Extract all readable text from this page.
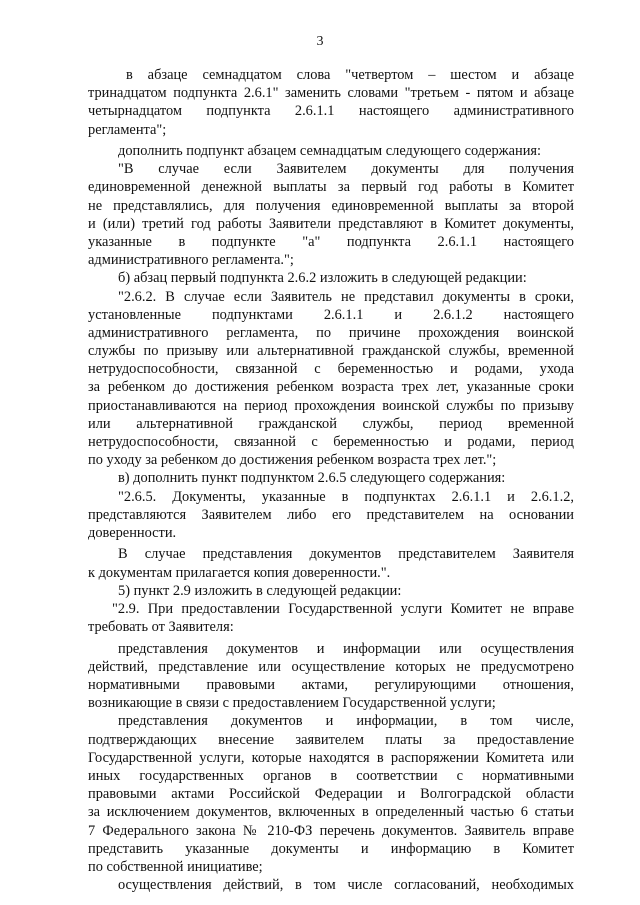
3
в абзаце семнадцатом слова "четвертом – шестом и абзаце
тринадцатом подпункта 2.6.1" заменить словами "третьем - пятом и абзаце
четырнадцатом подпункта 2.6.1.1 настоящего административного
регламента";
дополнить подпункт абзацем семнадцатым следующего содержания:
"В случае если Заявителем документы для получения
единовременной денежной выплаты за первый год работы в Комитет
не представлялись, для получения единовременной выплаты за второй
и (или) третий год работы Заявители представляют в Комитет документы,
указанные в подпункте "а" подпункта 2.6.1.1 настоящего
административного регламента.";
б) абзац первый подпункта 2.6.2 изложить в следующей редакции:
"2.6.2. В случае если Заявитель не представил документы в сроки,
установленные подпунктами 2.6.1.1 и 2.6.1.2 настоящего
административного регламента, по причине прохождения воинской
службы по призыву или альтернативной гражданской службы, временной
нетрудоспособности, связанной с беременностью и родами, ухода
за ребенком до достижения ребенком возраста трех лет, указанные сроки
приостанавливаются на период прохождения воинской службы по призыву
или альтернативной гражданской службы, период временной
нетрудоспособности, связанной с беременностью и родами, период
по уходу за ребенком до достижения ребенком возраста трех лет.";
в) дополнить пункт подпунктом 2.6.5 следующего содержания:
"2.6.5. Документы, указанные в подпунктах 2.6.1.1 и 2.6.1.2,
представляются Заявителем либо его представителем на основании
доверенности.
В случае представления документов представителем Заявителя
к документам прилагается копия доверенности.".
5) пункт 2.9 изложить в следующей редакции:
"2.9. При предоставлении Государственной услуги Комитет не вправе
требовать от Заявителя:
представления документов и информации или осуществления
действий, представление или осуществление которых не предусмотрено
нормативными правовыми актами, регулирующими отношения,
возникающие в связи с предоставлением Государственной услуги;
представления документов и информации, в том числе,
подтверждающих внесение заявителем платы за предоставление
Государственной услуги, которые находятся в распоряжении Комитета или
иных государственных органов в соответствии с нормативными
правовыми актами Российской Федерации и Волгоградской области
за исключением документов, включенных в определенный частью 6 статьи
7 Федерального закона № 210-ФЗ перечень документов. Заявитель вправе
представить указанные документы и информацию в Комитет
по собственной инициативе;
осуществления действий, в том числе согласований, необходимых
